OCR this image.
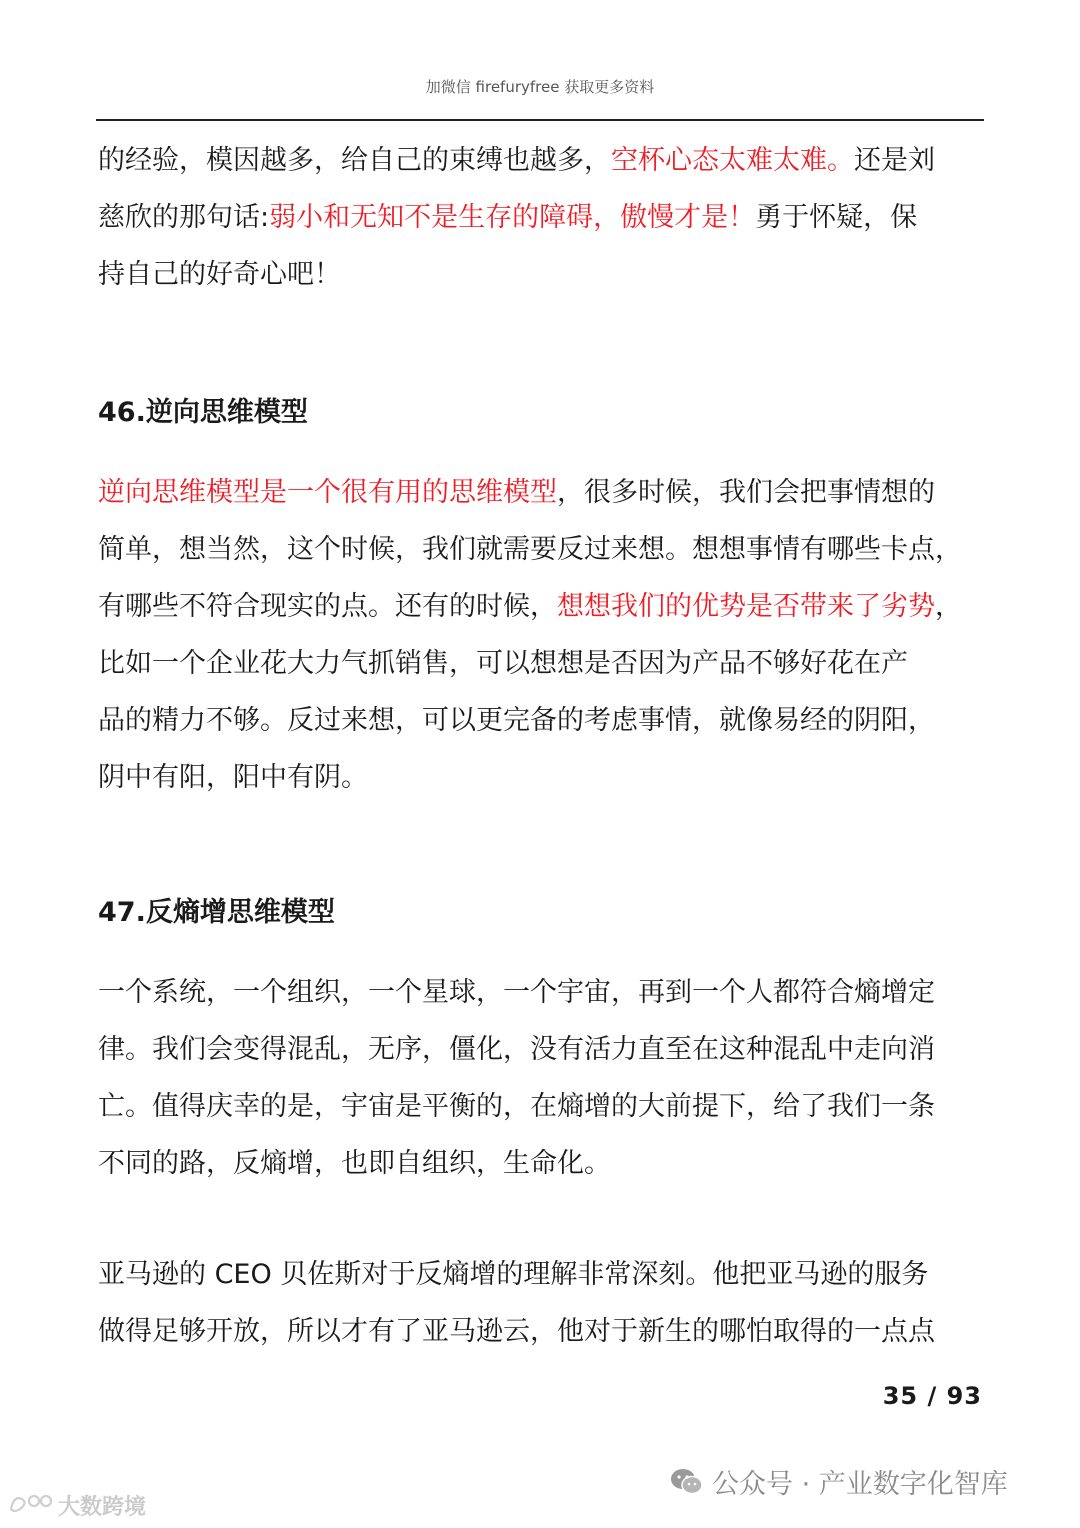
加微信 firefuryfree 获取更多资料
的经验，模因越多，给自己的束缚也越多，空杯心态太难太难。还是刘
慈欣的那句话:弱小和无知不是生存的障碍，傲慢才是！勇于怀疑，保
持自己的好奇心吧！
46.逆向思维模型
逆向思维模型是一个很有用的思维模型，很多时候，我们会把事情想的
简单，想当然，这个时候，我们就需要反过来想。想想事情有哪些卡点，
有哪些不符合现实的点。还有的时候，想想我们的优势是否带来了劣势，
比如一个企业花大力气抓销售，可以想想是否因为产品不够好花在产
品的精力不够。反过来想，可以更完备的考虑事情，就像易经的阴阳，
阴中有阳，阳中有阴。
47.反熵增思维模型
一个系统，一个组织，一个星球，一个宇宙，再到一个人都符合熵增定
律。我们会变得混乱，无序，僵化，没有活力直至在这种混乱中走向消
亡。值得庆幸的是，宇宙是平衡的，在熵增的大前提下，给了我们一条
不同的路，反熵增，也即自组织，生命化。
亚马逊的 CEO 贝佐斯对于反熵增的理解非常深刻。他把亚马逊的服务
做得足够开放，所以才有了亚马逊云，他对于新生的哪怕取得的一点点
35 / 93
公众号 · 产业数字化智库
大数跨境
